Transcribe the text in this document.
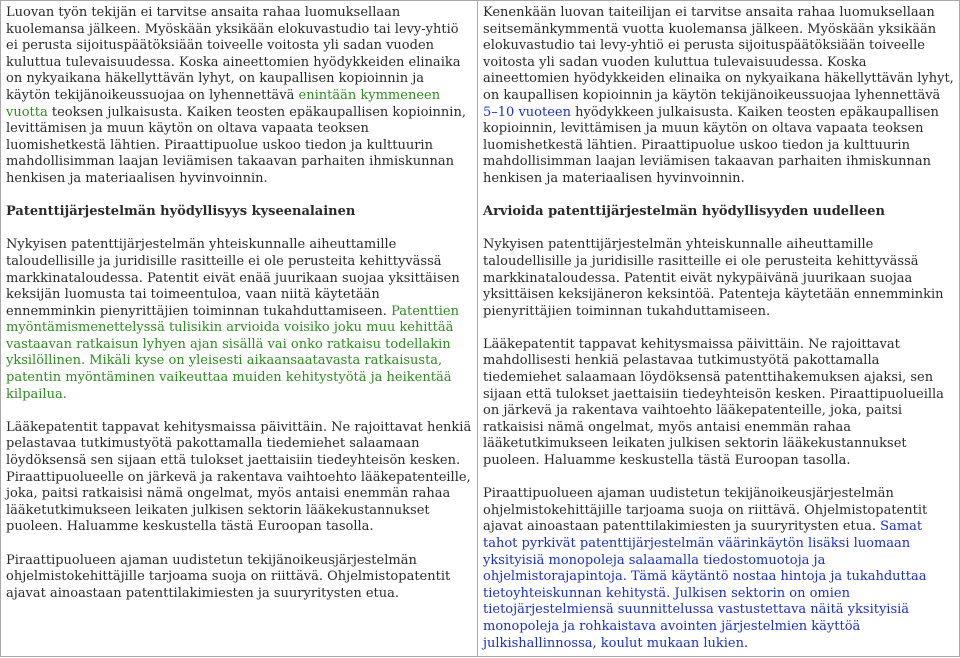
Luovan työn tekijän ei tarvitse ansaita rahaa luomuksellaan kuolemansa jälkeen. Myöskään yksikään elokuvastudio tai levy-yhtiö ei perusta sijoituspäätöksiään toiveelle voitosta yli sadan vuoden kuluttua tulevaisuudessa. Koska aineettomien hyödykkeiden elinaika on nykyaikana häkellyttävän lyhyt, on kaupallisen kopioinnin ja käytön tekijänoikeussuojaa on lyhennettävä enintään kymmeneen vuotta teoksen julkaisusta. Kaiken teosten epäkaupallisen kopioinnin, levittämisen ja muun käytön on oltava vapaata teoksen luomishetkestä lähtien. Piraattipuolue uskoo tiedon ja kulttuurin mahdollisimman laajan leviämisen takaavan parhaiten ihmiskunnan henkisen ja materiaalisen hyvinvoinnin.

Patenttijärjestelmän hyödyllisyys kyseenalainen

Nykyisen patenttijärjestelmän yhteiskunnalle aiheuttamille taloudellisille ja juridisille rasitteille ei ole perusteita kehittyvässä markkinataloudessa. Patentit eivät enää juurikaan suojaa yksittäisen keksijän luomusta tai toimeentuloa, vaan niitä käytetään ennemminkin pienyrittäjien toiminnan tukahduttamiseen. Patenttien myöntämismenettelyssä tulisikin arvioida voisiko joku muu kehittää vastaavan ratkaisun lyhyen ajan sisällä vai onko ratkaisu todellakin yksilöllinen. Mikäli kyse on yleisesti aikaansaatavasta ratkaisusta, patentin myöntäminen vaikeuttaa muiden kehitystyötä ja heikentää kilpailua.

Lääkepatentit tappavat kehitysmaissa päivittäin. Ne rajoittavat henkiä pelastavaa tutkimustyötä pakottamalla tiedemiehet salaamaan löydöksensä sen sijaan että tulokset jaettaisiin tiedeyhteisön kesken. Piraattipuolueelle on järkevä ja rakentava vaihtoehto lääkepatenteille, joka, paitsi ratkaisisi nämä ongelmat, myös antaisi enemmän rahaa lääketutkimukseen leikaten julkisen sektorin lääkekustannukset puoleen. Haluamme keskustella tästä Euroopan tasolla.

Piraattipuolueen ajaman uudistetun tekijänoikeusjärjestelmän ohjelmistokehittäjille tarjoama suoja on riittävä. Ohjelmistopatentit ajavat ainoastaan patenttilakimiesten ja suuryritysten etua.

Kenenkään luovan taiteilijan ei tarvitse ansaita rahaa luomuksellaan seitsemänkymmentä vuotta kuolemansa jälkeen. Myöskään yksikään elokuvastudio tai levy-yhtiö ei perusta sijoituspäätöksiään toiveelle voitosta yli sadan vuoden kuluttua tulevaisuudessa. Koska aineettomien hyödykkeiden elinaika on nykyaikana häkellyttävän lyhyt, on kaupallisen kopioinnin ja käytön tekijänoikeussuojaa lyhennettävä 5–10 vuoteen hyödykkeen julkaisusta. Kaiken teosten epäkaupallisen kopioinnin, levittämisen ja muun käytön on oltava vapaata teoksen luomishetkestä lähtien. Piraattipuolue uskoo tiedon ja kulttuurin mahdollisimman laajan leviämisen takaavan parhaiten ihmiskunnan henkisen ja materiaalisen hyvinvoinnin.

Arvioida patenttijärjestelmän hyödyllisyyden uudelleen

Nykyisen patenttijärjestelmän yhteiskunnalle aiheuttamille taloudellisille ja juridisille rasitteille ei ole perusteita kehittyvässä markkinataloudessa. Patentit eivät nykypäivänä juurikaan suojaa yksittäisen keksijäneron keksintöä. Patenteja käytetään ennemminkin pienyrittäjien toiminnan tukahduttamiseen.

Lääkepatentit tappavat kehitysmaissa päivittäin. Ne rajoittavat mahdollisesti henkiä pelastavaa tutkimustyötä pakottamalla tiedemiehet salaamaan löydöksensä patenttihakemuksen ajaksi, sen sijaan että tulokset jaettaisiin tiedeyhteisön kesken. Piraattipuolueilla on järkevä ja rakentava vaihtoehto lääkepatenteille, joka, paitsi ratkaisisi nämä ongelmat, myös antaisi enemmän rahaa lääketutkimukseen leikaten julkisen sektorin lääkekustannukset puoleen. Haluamme keskustella tästä Euroopan tasolla.

Piraattipuolueen ajaman uudistetun tekijänoikeusjärjestelmän ohjelmistokehittäjille tarjoama suoja on riittävä. Ohjelmistopatentit ajavat ainoastaan patenttilakimiesten ja suuryritysten etua. Samat tahot pyrkivät patenttijärjestelmän väärinkäytön lisäksi luomaan yksityisiä monopoleja salaamalla tiedostomuotoja ja ohjelmistorajapintoja. Tämä käytäntö nostaa hintoja ja tukahduttaa tietoyhteiskunnan kehitystä. Julkisen sektorin on omien tietojärjestelmiensä suunnittelussa vastustettava näitä yksityisiä monopoleja ja rohkaistava avointen järjestelmien käyttöä julkishallinnossa, koulut mukaan lukien.
